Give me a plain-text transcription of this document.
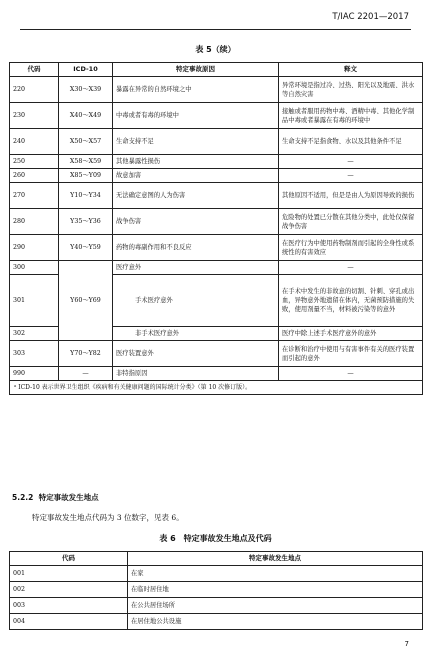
T/IAC 2201—2017
表 5（续）
代码	ICD-10	特定事故原因	释文
220	X30～X39	暴露在异常的自然环境之中	异常环境是指过冷、过热、阳光以及地震、洪水等自然灾害
230	X40～X49	中毒或者有毒的环境中	接触或者服用药物中毒、酒精中毒、其他化学制品中毒或者暴露在有毒的环境中
240	X50～X57	生命支持不足	生命支持不足指食物、水以及其他条件不足
250	X58～X59	其他暴露性损伤	—
260	X85～Y09	故意加害	—
270	Y10～Y34	无法确定意图的人为伤害	其他原因不适用，但是是由人为原因导致的损伤
280	Y35～Y36	战争伤害	危险物的处置已分散在其他分类中，此处仅保留战争伤害
290	Y40～Y59	药物的毒副作用和不良反应	在医疗行为中使用药物制剂而引起的全身性或系统性的有害效应
300	Y60～Y69	医疗意外	—
301		手术医疗意外	在手术中发生的非故意的切割、针刺、穿孔或出血，异物意外地遗留在体内，无菌预防措施的失败，使用剂量不当，材料被污染等的意外
302		非手术医疗意外	医疗中除上述手术医疗意外的意外
303	Y70～Y82	医疗装置意外	在诊断和治疗中使用与有害事件有关的医疗装置而引起的意外
990	—	非特指原因	—
ᵃ ICD-10 表示世界卫生组织《疾病和有关健康问题的国际统计分类》（第 10 次修订版）。			
5.2.2 特定事故发生地点
特定事故发生地点代码为 3 位数字，见表 6。
表 6　特定事故发生地点及代码
代码	特定事故发生地点
001	在家
002	在临时居住地
003	在公共居住场所
004	在居住地公共设施
7
